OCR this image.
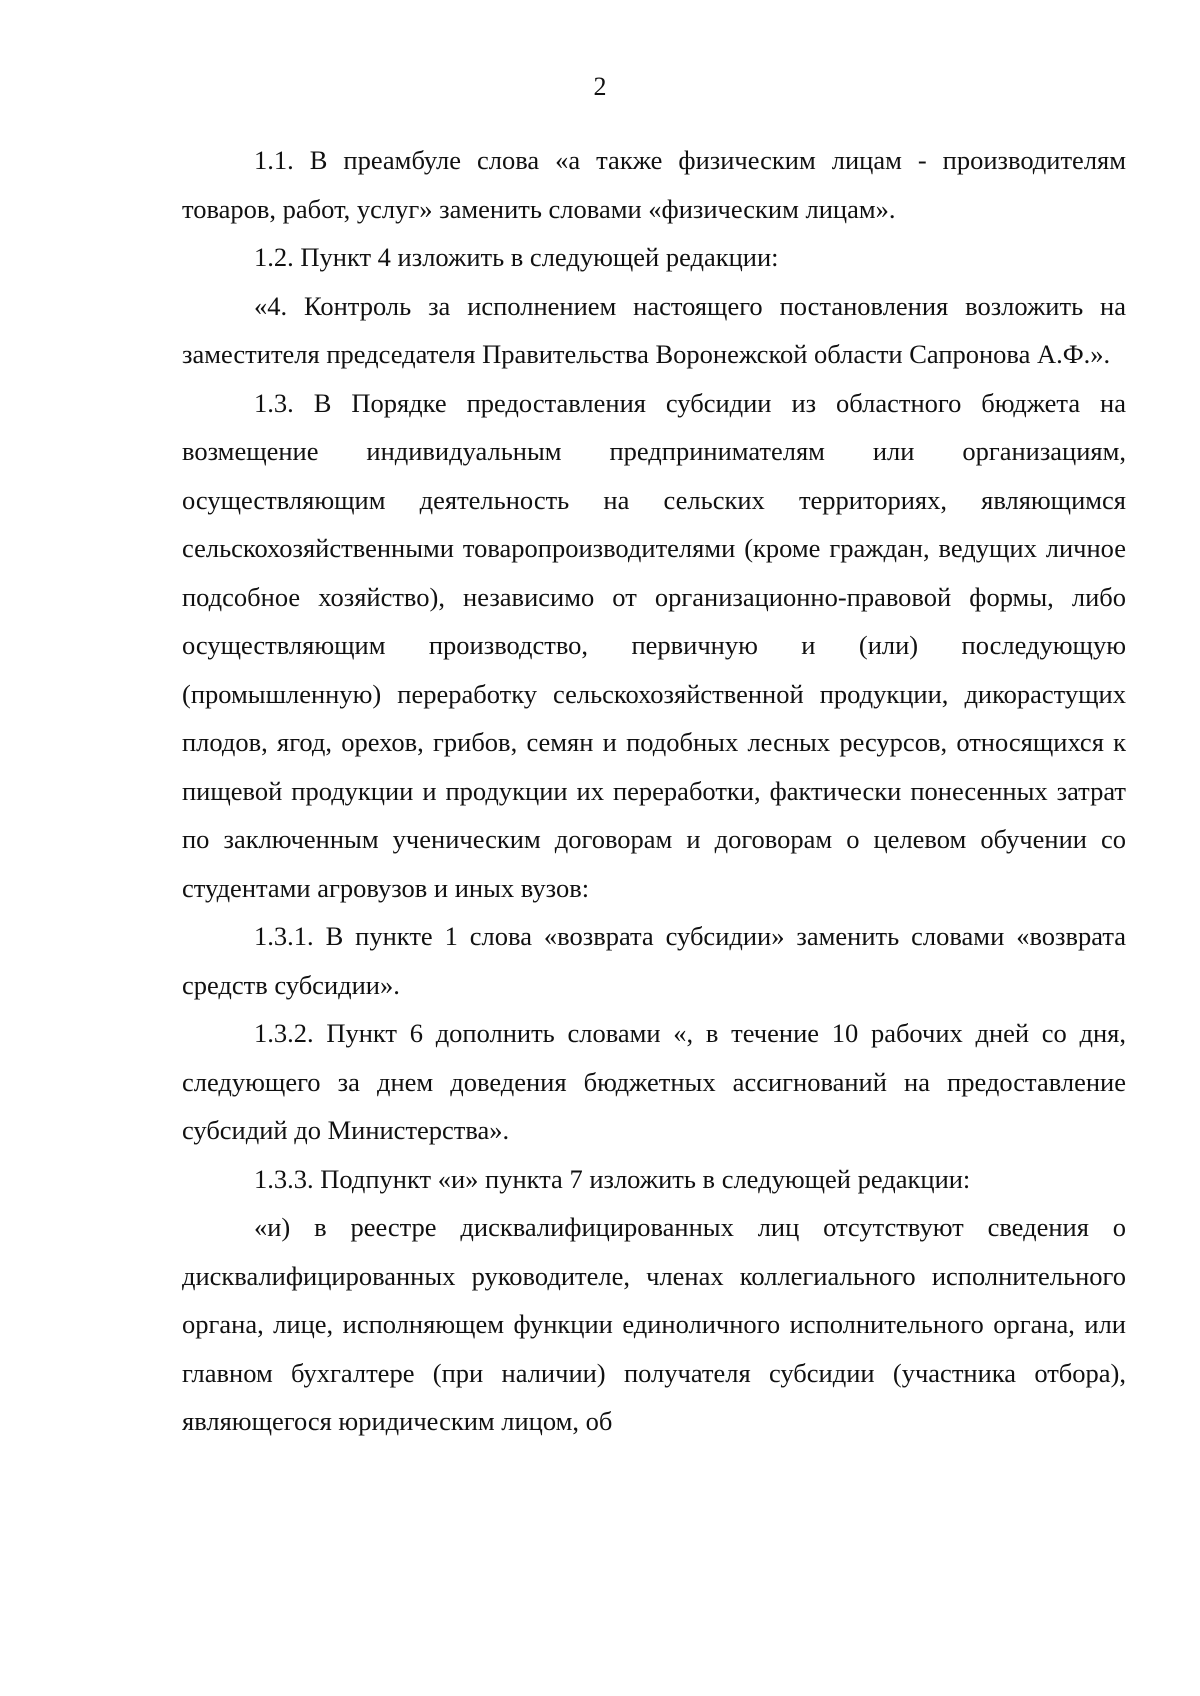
2

1.1. В преамбуле слова «а также физическим лицам - производителям товаров, работ, услуг» заменить словами «физическим лицам».

1.2. Пункт 4 изложить в следующей редакции:

«4. Контроль за исполнением настоящего постановления возложить на заместителя председателя Правительства Воронежской области Сапронова А.Ф.».

1.3. В Порядке предоставления субсидии из областного бюджета на возмещение индивидуальным предпринимателям или организациям, осуществляющим деятельность на сельских территориях, являющимся сельскохозяйственными товаропроизводителями (кроме граждан, ведущих личное подсобное хозяйство), независимо от организационно-правовой формы, либо осуществляющим производство, первичную и (или) последующую (промышленную) переработку сельскохозяйственной продукции, дикорастущих плодов, ягод, орехов, грибов, семян и подобных лесных ресурсов, относящихся к пищевой продукции и продукции их переработки, фактически понесенных затрат по заключенным ученическим договорам и договорам о целевом обучении со студентами агровузов и иных вузов:

1.3.1. В пункте 1 слова «возврата субсидии» заменить словами «возврата средств субсидии».

1.3.2. Пункт 6 дополнить словами «, в течение 10 рабочих дней со дня, следующего за днем доведения бюджетных ассигнований на предоставление субсидий до Министерства».

1.3.3. Подпункт «и» пункта 7 изложить в следующей редакции:

«и) в реестре дисквалифицированных лиц отсутствуют сведения о дисквалифицированных руководителе, членах коллегиального исполнительного органа, лице, исполняющем функции единоличного исполнительного органа, или главном бухгалтере (при наличии) получателя субсидии (участника отбора), являющегося юридическим лицом, об
